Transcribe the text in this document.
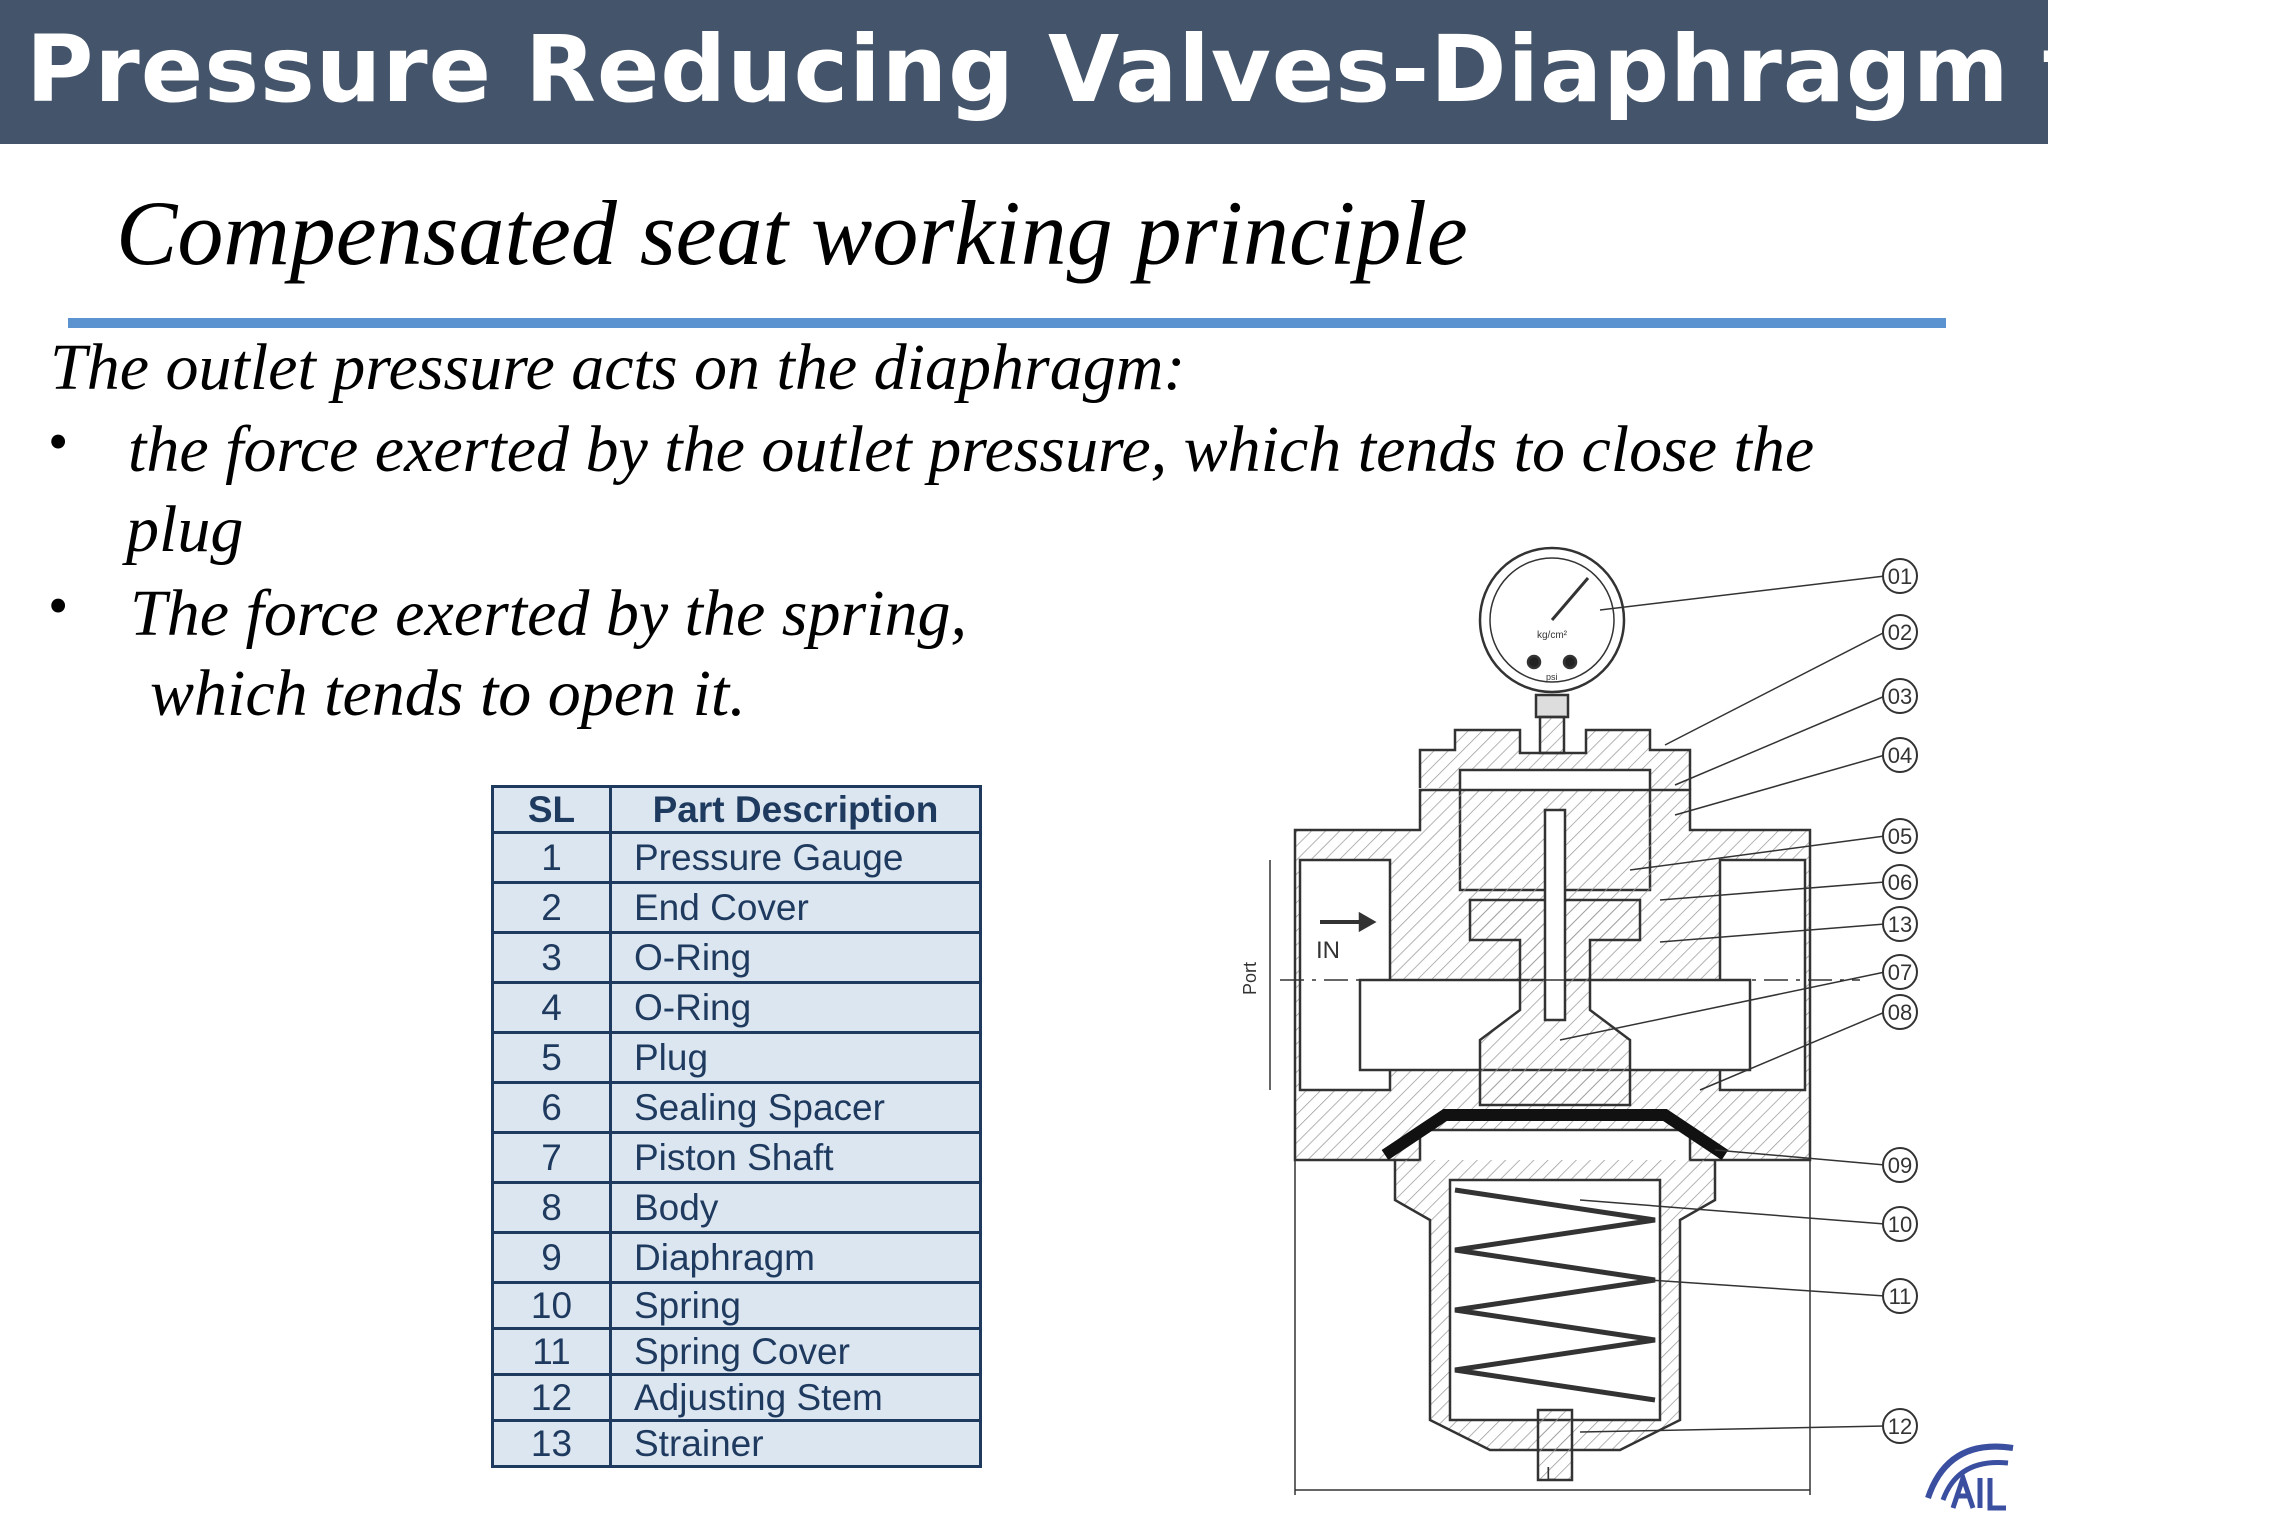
Pressure Reducing Valves-Diaphragm type
Compensated seat working principle
The outlet pressure acts on the diaphragm:
• the force exerted by the outlet pressure, which tends to close the
plug
• The force exerted by the spring,
which tends to open it.
SL	Part Description
1	Pressure Gauge
2	End Cover
3	O-Ring
4	O-Ring
5	Plug
6	Sealing Spacer
7	Piston Shaft
8	Body
9	Diaphragm
10	Spring
11	Spring Cover
12	Adjusting Stem
13	Strainer
IN
Port
L
kg/cm²
psi
01
02
03
04
05
06
13
07
08
09
10
11
12
